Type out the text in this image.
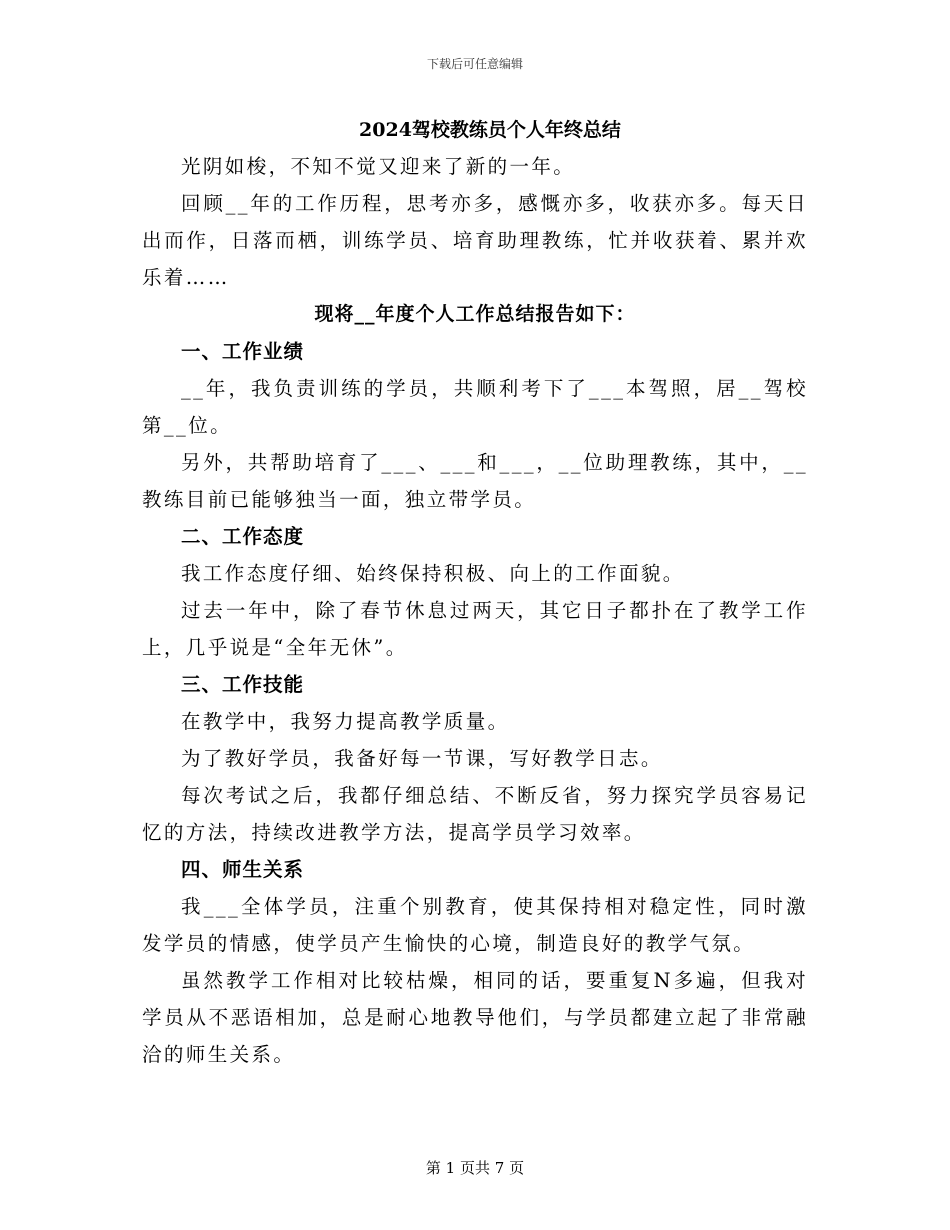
下载后可任意编辑
2024驾校教练员个人年终总结

光阴如梭，不知不觉又迎来了新的一年。

回顾__年的工作历程，思考亦多，感慨亦多，收获亦多。每天日出而作，日落而栖，训练学员、培育助理教练，忙并收获着、累并欢乐着……

现将__年度个人工作总结报告如下：

一、工作业绩

__年，我负责训练的学员，共顺利考下了___本驾照，居__驾校第__位。

另外，共帮助培育了___、___和___，__位助理教练，其中，__教练目前已能够独当一面，独立带学员。

二、工作态度

我工作态度仔细、始终保持积极、向上的工作面貌。

过去一年中，除了春节休息过两天，其它日子都扑在了教学工作上，几乎说是“全年无休”。

三、工作技能

在教学中，我努力提高教学质量。

为了教好学员，我备好每一节课，写好教学日志。

每次考试之后，我都仔细总结、不断反省，努力探究学员容易记忆的方法，持续改进教学方法，提高学员学习效率。

四、师生关系

我___全体学员，注重个别教育，使其保持相对稳定性，同时激发学员的情感，使学员产生愉快的心境，制造良好的教学气氛。

虽然教学工作相对比较枯燥，相同的话，要重复N多遍，但我对学员从不恶语相加，总是耐心地教导他们，与学员都建立起了非常融洽的师生关系。

第 1 页共 7 页
